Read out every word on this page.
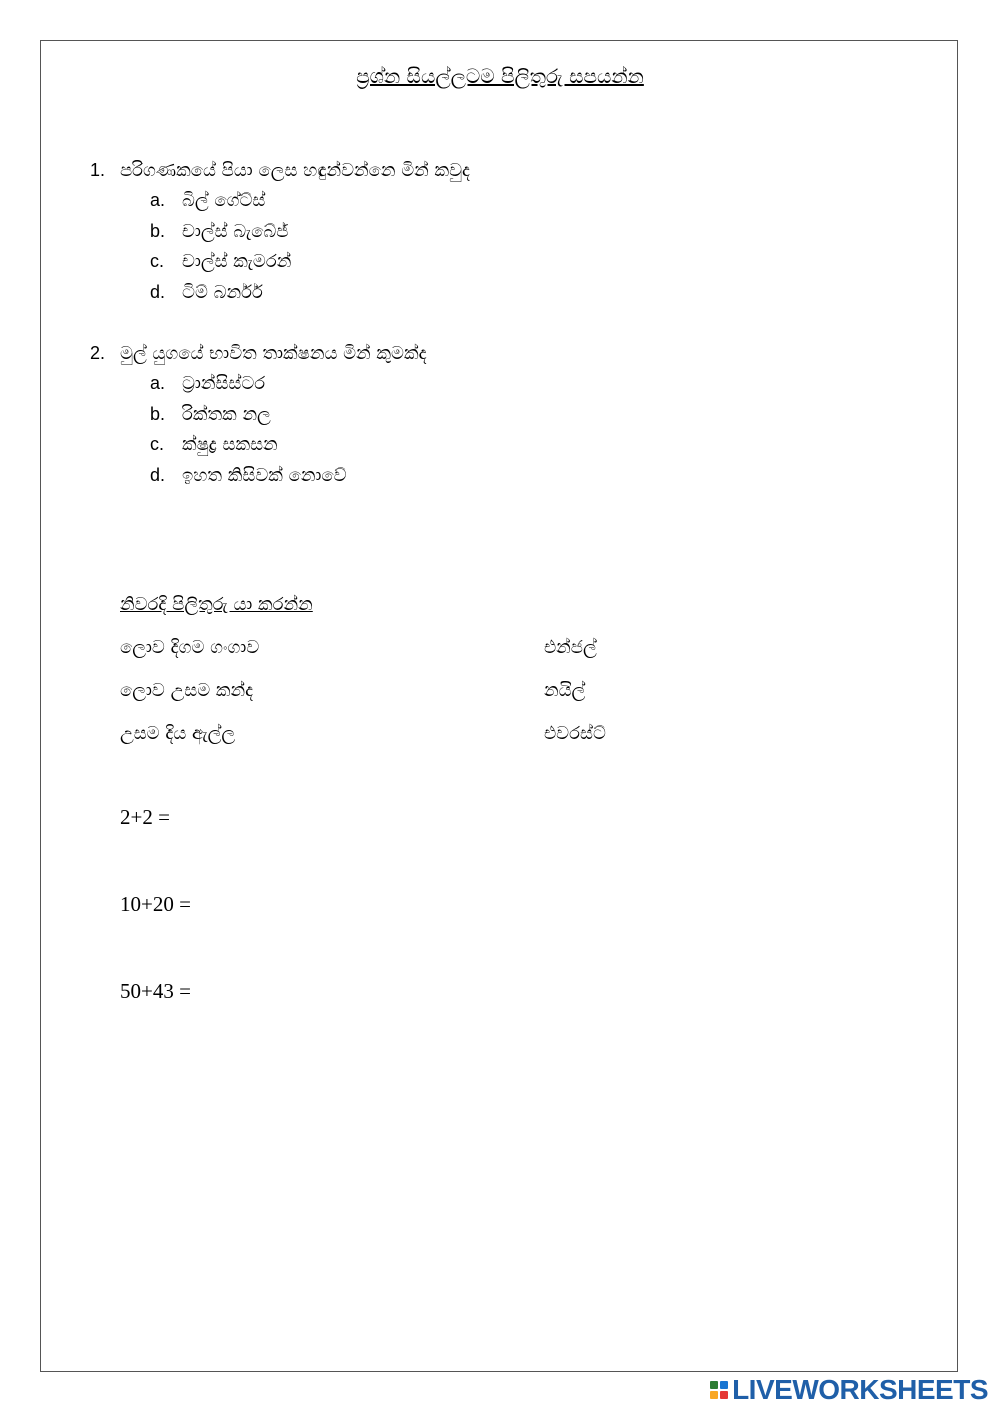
ප්‍රශ්න සියල්ලටම පිලිතුරු සපයන්න
1. පරිගණකයේ පියා ලෙස හඳුන්වන්නෙ මින් කවුද
a. බිල් ගේට්ස්
b. චාල්ස් බැබේජ්
c. චාල්ස් කැමරන්
d. ටිම් බර්නර්
2. මුල් යුගයේ භාවිත තාක්ෂනය මින් කුමක්ද
a. ට්‍රාන්සිස්ටර
b. රික්තක නල
c. ක්ෂුද්‍ර සකසන
d. ඉහත කිසිවක් නොවේ
නිවරදි පිලිතුරු යා කරන්න
ලොව දිගම ගංගාව
ලොව උසම කන්ද
උසම දිය ඇල්ල
එන්ජල්
නයිල්
එවරස්ට්
2+2 =
10+20 =
50+43 =
LIVEWORKSHEETS
